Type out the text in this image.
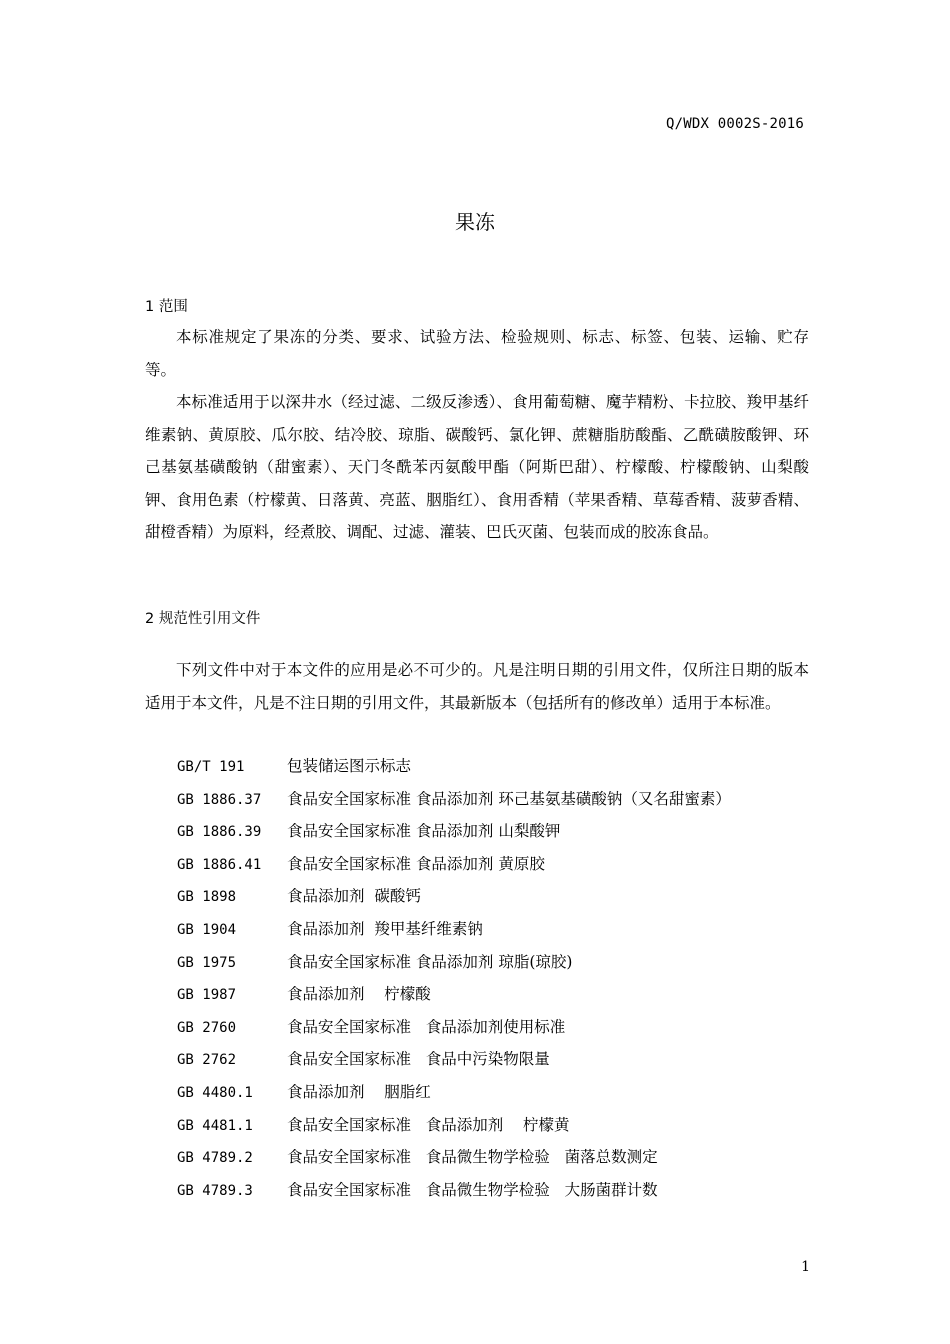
Q/WDX 0002S-2016
果冻
1 范围

本标准规定了果冻的分类、要求、试验方法、检验规则、标志、标签、包装、运输、贮存等。

本标准适用于以深井水（经过滤、二级反渗透）、食用葡萄糖、魔芋精粉、卡拉胶、羧甲基纤维素钠、黄原胶、瓜尔胶、结冷胶、琼脂、碳酸钙、氯化钾、蔗糖脂肪酸酯、乙酰磺胺酸钾、环己基氨基磺酸钠（甜蜜素）、天门冬酰苯丙氨酸甲酯（阿斯巴甜）、柠檬酸、柠檬酸钠、山梨酸钾、食用色素（柠檬黄、日落黄、亮蓝、胭脂红）、食用香精（苹果香精、草莓香精、菠萝香精、甜橙香精）为原料，经煮胶、调配、过滤、灌装、巴氏灭菌、包装而成的胶冻食品。

2 规范性引用文件

下列文件中对于本文件的应用是必不可少的。凡是注明日期的引用文件，仅所注日期的版本适用于本文件，凡是不注日期的引用文件，其最新版本（包括所有的修改单）适用于本标准。

GB/T 191	包装储运图示标志
GB 1886.37 食品安全国家标准 食品添加剂 环己基氨基磺酸钠（又名甜蜜素）
GB 1886.39 食品安全国家标准 食品添加剂 山梨酸钾
GB 1886.41 食品安全国家标准 食品添加剂 黄原胶
GB 1898	食品添加剂  碳酸钙
GB 1904	食品添加剂  羧甲基纤维素钠
GB 1975	食品安全国家标准 食品添加剂 琼脂(琼胶)
GB 1987	食品添加剂    柠檬酸
GB 2760	食品安全国家标准   食品添加剂使用标准
GB 2762	食品安全国家标准   食品中污染物限量
GB 4480.1 食品添加剂    胭脂红
GB 4481.1 食品安全国家标准   食品添加剂    柠檬黄
GB 4789.2 食品安全国家标准   食品微生物学检验   菌落总数测定
GB 4789.3 食品安全国家标准   食品微生物学检验   大肠菌群计数
1
